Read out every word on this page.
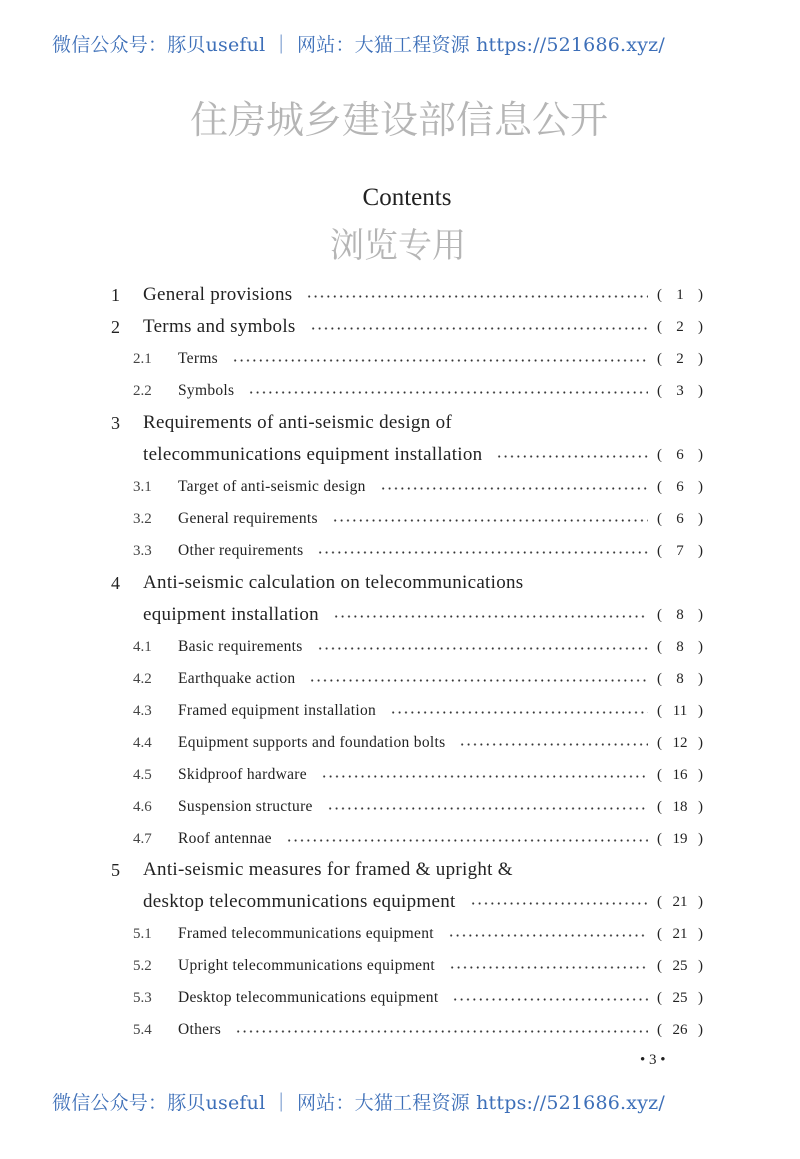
微信公众号：豚贝useful ｜ 网站：大猫工程资源 https://521686.xyz/
住房城乡建设部信息公开
Contents
浏览专用
1 General provisions	( 1 )
2 Terms and symbols	( 2 )
2.1 Terms	( 2 )
2.2 Symbols	( 3 )
3 Requirements of anti-seismic design of
telecommunications equipment installation	( 6 )
3.1 Target of anti-seismic design	( 6 )
3.2 General requirements	( 6 )
3.3 Other requirements	( 7 )
4 Anti-seismic calculation on telecommunications
equipment installation	( 8 )
4.1 Basic requirements	( 8 )
4.2 Earthquake action	( 8 )
4.3 Framed equipment installation	( 11 )
4.4 Equipment supports and foundation bolts	( 12 )
4.5 Skidproof hardware	( 16 )
4.6 Suspension structure	( 18 )
4.7 Roof antennae	( 19 )
5 Anti-seismic measures for framed & upright &
desktop telecommunications equipment	( 21 )
5.1 Framed telecommunications equipment	( 21 )
5.2 Upright telecommunications equipment	( 25 )
5.3 Desktop telecommunications equipment	( 25 )
5.4 Others	( 26 )
• 3 •
微信公众号：豚贝useful ｜ 网站：大猫工程资源 https://521686.xyz/
